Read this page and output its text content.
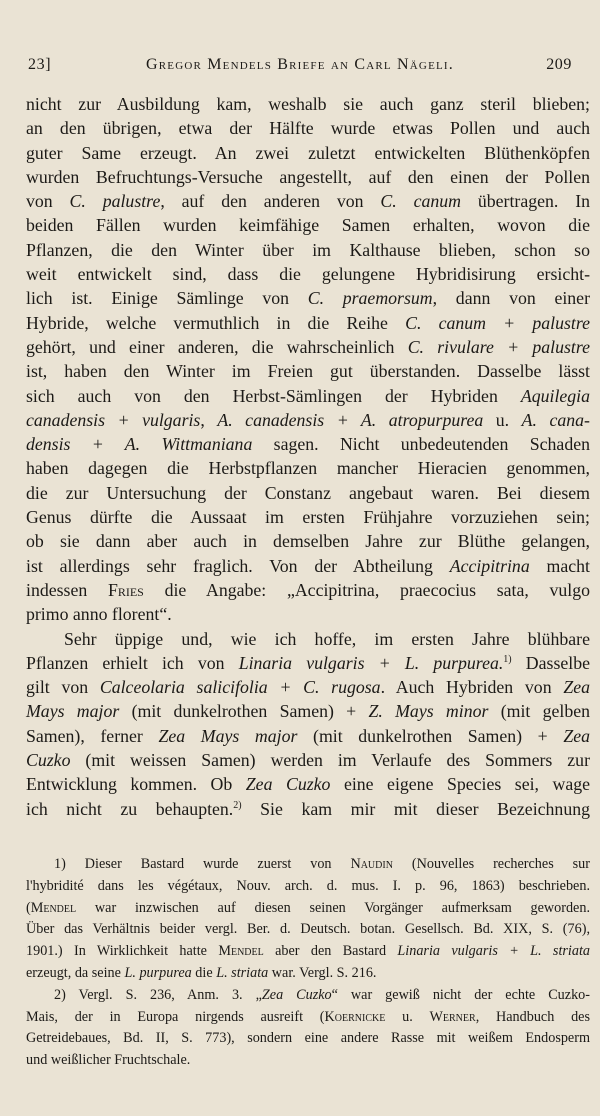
23]	Gregor Mendels Briefe an Carl Nägeli.	209
nicht zur Ausbildung kam, weshalb sie auch ganz steril blieben;
an den übrigen, etwa der Hälfte wurde etwas Pollen und auch
guter Same erzeugt. An zwei zuletzt entwickelten Blüthenköpfen
wurden Befruchtungs-Versuche angestellt, auf den einen der Pollen
von C. palustre, auf den anderen von C. canum übertragen. In
beiden Fällen wurden keimfähige Samen erhalten, wovon die
Pflanzen, die den Winter über im Kalthause blieben, schon so
weit entwickelt sind, dass die gelungene Hybridisirung ersicht-
lich ist. Einige Sämlinge von C. praemorsum, dann von einer
Hybride, welche vermuthlich in die Reihe C. canum + palustre
gehört, und einer anderen, die wahrscheinlich C. rivulare + palustre
ist, haben den Winter im Freien gut überstanden. Dasselbe lässt
sich auch von den Herbst-Sämlingen der Hybriden Aquilegia
canadensis + vulgaris, A. canadensis + A. atropurpurea u. A. cana-
densis + A. Wittmaniana sagen. Nicht unbedeutenden Schaden
haben dagegen die Herbstpflanzen mancher Hieracien genommen,
die zur Untersuchung der Constanz angebaut waren. Bei diesem
Genus dürfte die Aussaat im ersten Frühjahre vorzuziehen sein;
ob sie dann aber auch in demselben Jahre zur Blüthe gelangen,
ist allerdings sehr fraglich. Von der Abtheilung Accipitrina macht
indessen Fries die Angabe: „Accipitrina, praecocius sata, vulgo
primo anno florent“.
Sehr üppige und, wie ich hoffe, im ersten Jahre blühbare
Pflanzen erhielt ich von Linaria vulgaris + L. purpurea.$^{1)}$ Dasselbe
gilt von Calceolaria salicifolia + C. rugosa. Auch Hybriden von Zea
Mays major (mit dunkelrothen Samen) + Z. Mays minor (mit gelben
Samen), ferner Zea Mays major (mit dunkelrothen Samen) + Zea
Cuzko (mit weissen Samen) werden im Verlaufe des Sommers zur
Entwicklung kommen. Ob Zea Cuzko eine eigene Species sei, wage
ich nicht zu behaupten.$^{2)}$ Sie kam mir mit dieser Bezeichnung
1) Dieser Bastard wurde zuerst von Naudin (Nouvelles recherches sur
l'hybridité dans les végétaux, Nouv. arch. d. mus. I. p. 96, 1863) beschrieben.
(Mendel war inzwischen auf diesen seinen Vorgänger aufmerksam geworden.
Über das Verhältnis beider vergl. Ber. d. Deutsch. botan. Gesellsch. Bd. XIX, S. (76),
1901.) In Wirklichkeit hatte Mendel aber den Bastard Linaria vulgaris + L. striata
erzeugt, da seine L. purpurea die L. striata war. Vergl. S. 216.
2) Vergl. S. 236, Anm. 3. „Zea Cuzko“ war gewiß nicht der echte Cuzko-
Mais, der in Europa nirgends ausreift (Koernicke u. Werner, Handbuch des
Getreidebaues, Bd. II, S. 773), sondern eine andere Rasse mit weißem Endosperm
und weißlicher Fruchtschale.
